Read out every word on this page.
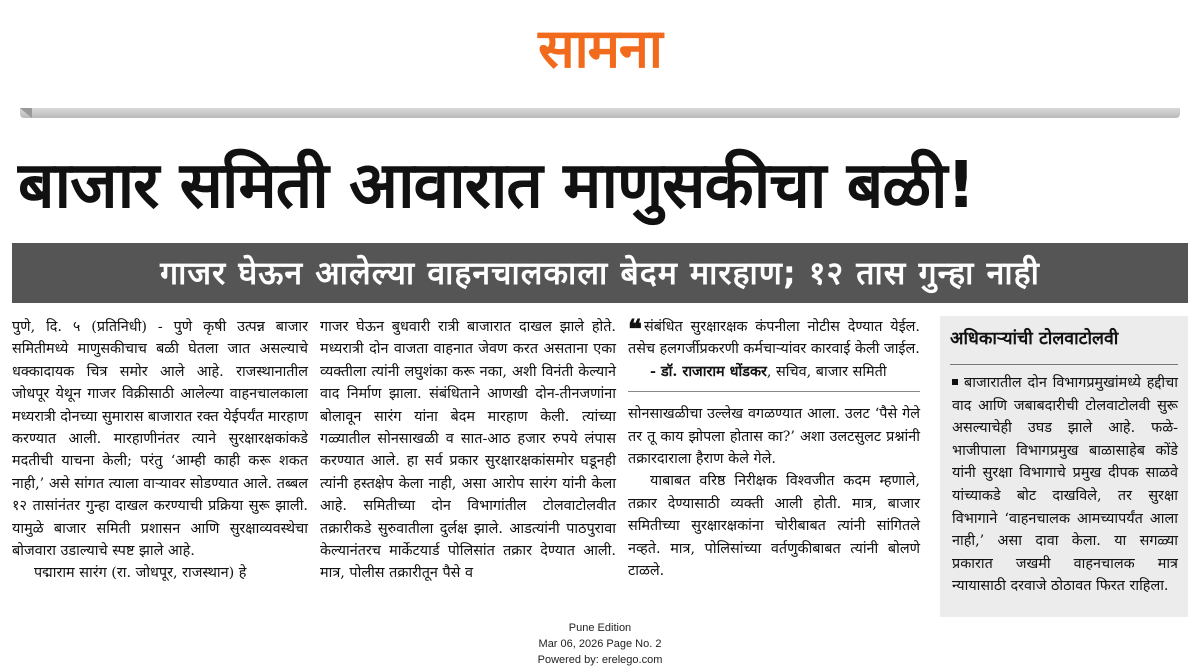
सामना
बाजार समिती आवारात माणुसकीचा बळी!
गाजर घेऊन आलेल्या वाहनचालकाला बेदम मारहाण; १२ तास गुन्हा नाही

पुणे, दि. ५ (प्रतिनिधी) - पुणे कृषी उत्पन्न बाजार समितीमध्ये माणुसकीचाच बळी घेतला जात असल्याचे धक्कादायक चित्र समोर आले आहे. राजस्थानातील जोधपूर येथून गाजर विक्रीसाठी आलेल्या वाहनचालकाला मध्यरात्री दोनच्या सुमारास बाजारात रक्त येईपर्यंत मारहाण करण्यात आली. मारहाणीनंतर त्याने सुरक्षारक्षकांकडे मदतीची याचना केली; परंतु ‘आम्ही काही करू शकत नाही,’ असे सांगत त्याला वाऱ्यावर सोडण्यात आले. तब्बल १२ तासांनंतर गुन्हा दाखल करण्याची प्रक्रिया सुरू झाली. यामुळे बाजार समिती प्रशासन आणि सुरक्षाव्यवस्थेचा बोजवारा उडाल्याचे स्पष्ट झाले आहे.

पद्माराम सारंग (रा. जोधपूर, राजस्थान) हे

गाजर घेऊन बुधवारी रात्री बाजारात दाखल झाले होते. मध्यरात्री दोन वाजता वाहनात जेवण करत असताना एका व्यक्तीला त्यांनी लघुशंका करू नका, अशी विनंती केल्याने वाद निर्माण झाला. संबंधिताने आणखी दोन-तीनजणांना बोलावून सारंग यांना बेदम मारहाण केली. त्यांच्या गळ्यातील सोनसाखळी व सात-आठ हजार रुपये लंपास करण्यात आले. हा सर्व प्रकार सुरक्षारक्षकांसमोर घडूनही त्यांनी हस्तक्षेप केला नाही, असा आरोप सारंग यांनी केला आहे. समितीच्या दोन विभागांतील टोलवाटोलवीत तक्रारीकडे सुरुवातीला दुर्लक्ष झाले. आडत्यांनी पाठपुरावा केल्यानंतरच मार्केटयार्ड पोलिसांत तक्रार देण्यात आली. मात्र, पोलीस तक्रारीतून पैसे व

❝ संबंधित सुरक्षारक्षक कंपनीला नोटीस देण्यात येईल. तसेच हलगर्जीप्रकरणी कर्मचाऱ्यांवर कारवाई केली जाईल.

- डॉ. राजाराम धोंडकर, सचिव, बाजार समिती

सोनसाखळीचा उल्लेख वगळण्यात आला. उलट ‘पैसे गेले तर तू काय झोपला होतास का?’ अशा उलटसुलट प्रश्नांनी तक्रारदाराला हैराण केले गेले.

याबाबत वरिष्ठ निरीक्षक विश्वजीत कदम म्हणाले, तक्रार देण्यासाठी व्यक्ती आली होती. मात्र, बाजार समितीच्या सुरक्षारक्षकांना चोरीबाबत त्यांनी सांगितले नव्हते. मात्र, पोलिसांच्या वर्तणुकीबाबत त्यांनी बोलणे टाळले.

अधिकाऱ्यांची टोलवाटोलवी
बाजारातील दोन विभागप्रमुखांमध्ये हद्दीचा वाद आणि जबाबदारीची टोलवाटोलवी सुरू असल्याचेही उघड झाले आहे. फळे-भाजीपाला विभागप्रमुख बाळासाहेब कोंडे यांनी सुरक्षा विभागाचे प्रमुख दीपक साळवे यांच्याकडे बोट दाखविले, तर सुरक्षा विभागाने ‘वाहनचालक आमच्यापर्यंत आला नाही,’ असा दावा केला. या सगळ्या प्रकारात जखमी वाहनचालक मात्र न्यायासाठी दरवाजे ठोठावत फिरत राहिला.
Pune Edition
Mar 06, 2026 Page No. 2
Powered by: erelego.com
